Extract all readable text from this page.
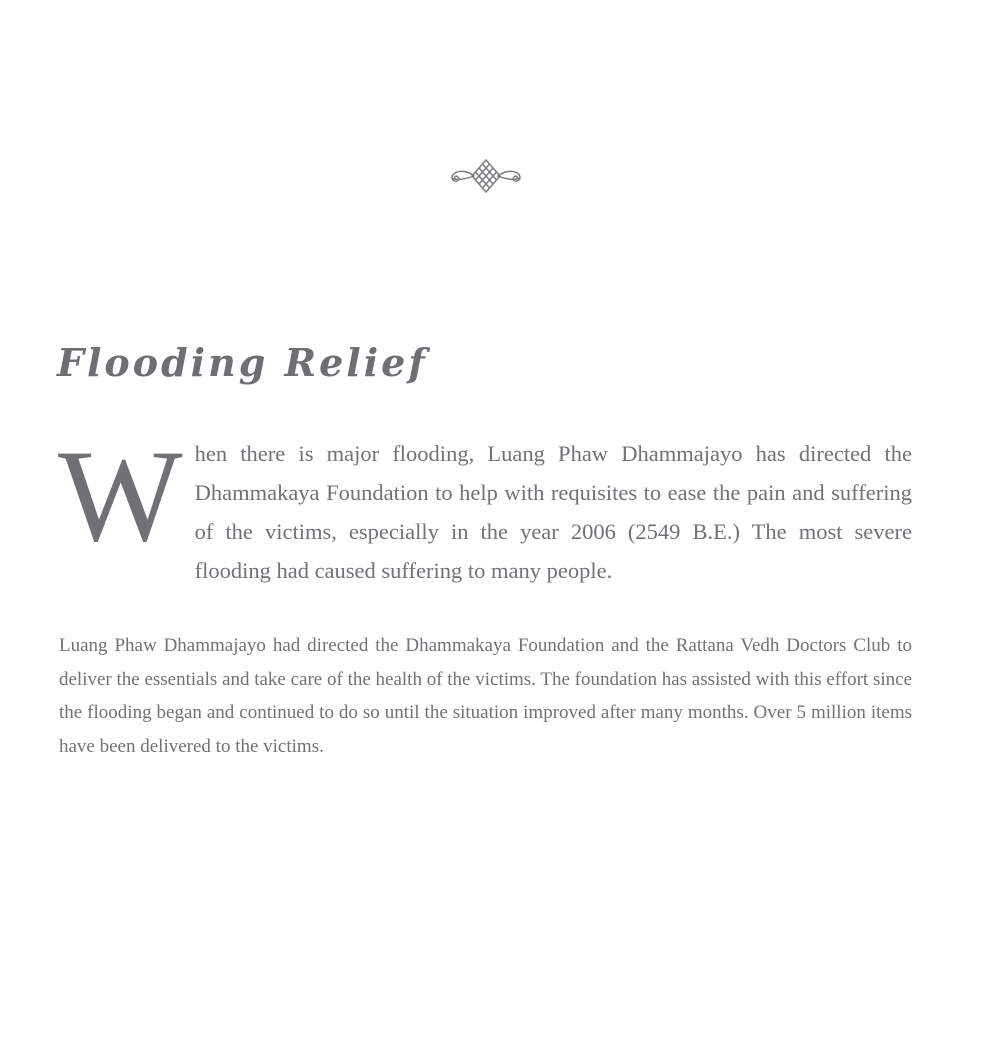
Flooding Relief

When there is major flooding, Luang Phaw Dhammajayo has directed the Dhammakaya Foundation to help with requisites to ease the pain and suffering of the victims, especially in the year 2006 (2549 B.E.) The most severe flooding had caused suffering to many people.

Luang Phaw Dhammajayo had directed the Dhammakaya Foundation and the Rattana Vedh Doctors Club to deliver the essentials and take care of the health of the victims. The foundation has assisted with this effort since the flooding began and continued to do so until the situation improved after many months. Over 5 million items have been delivered to the victims.
